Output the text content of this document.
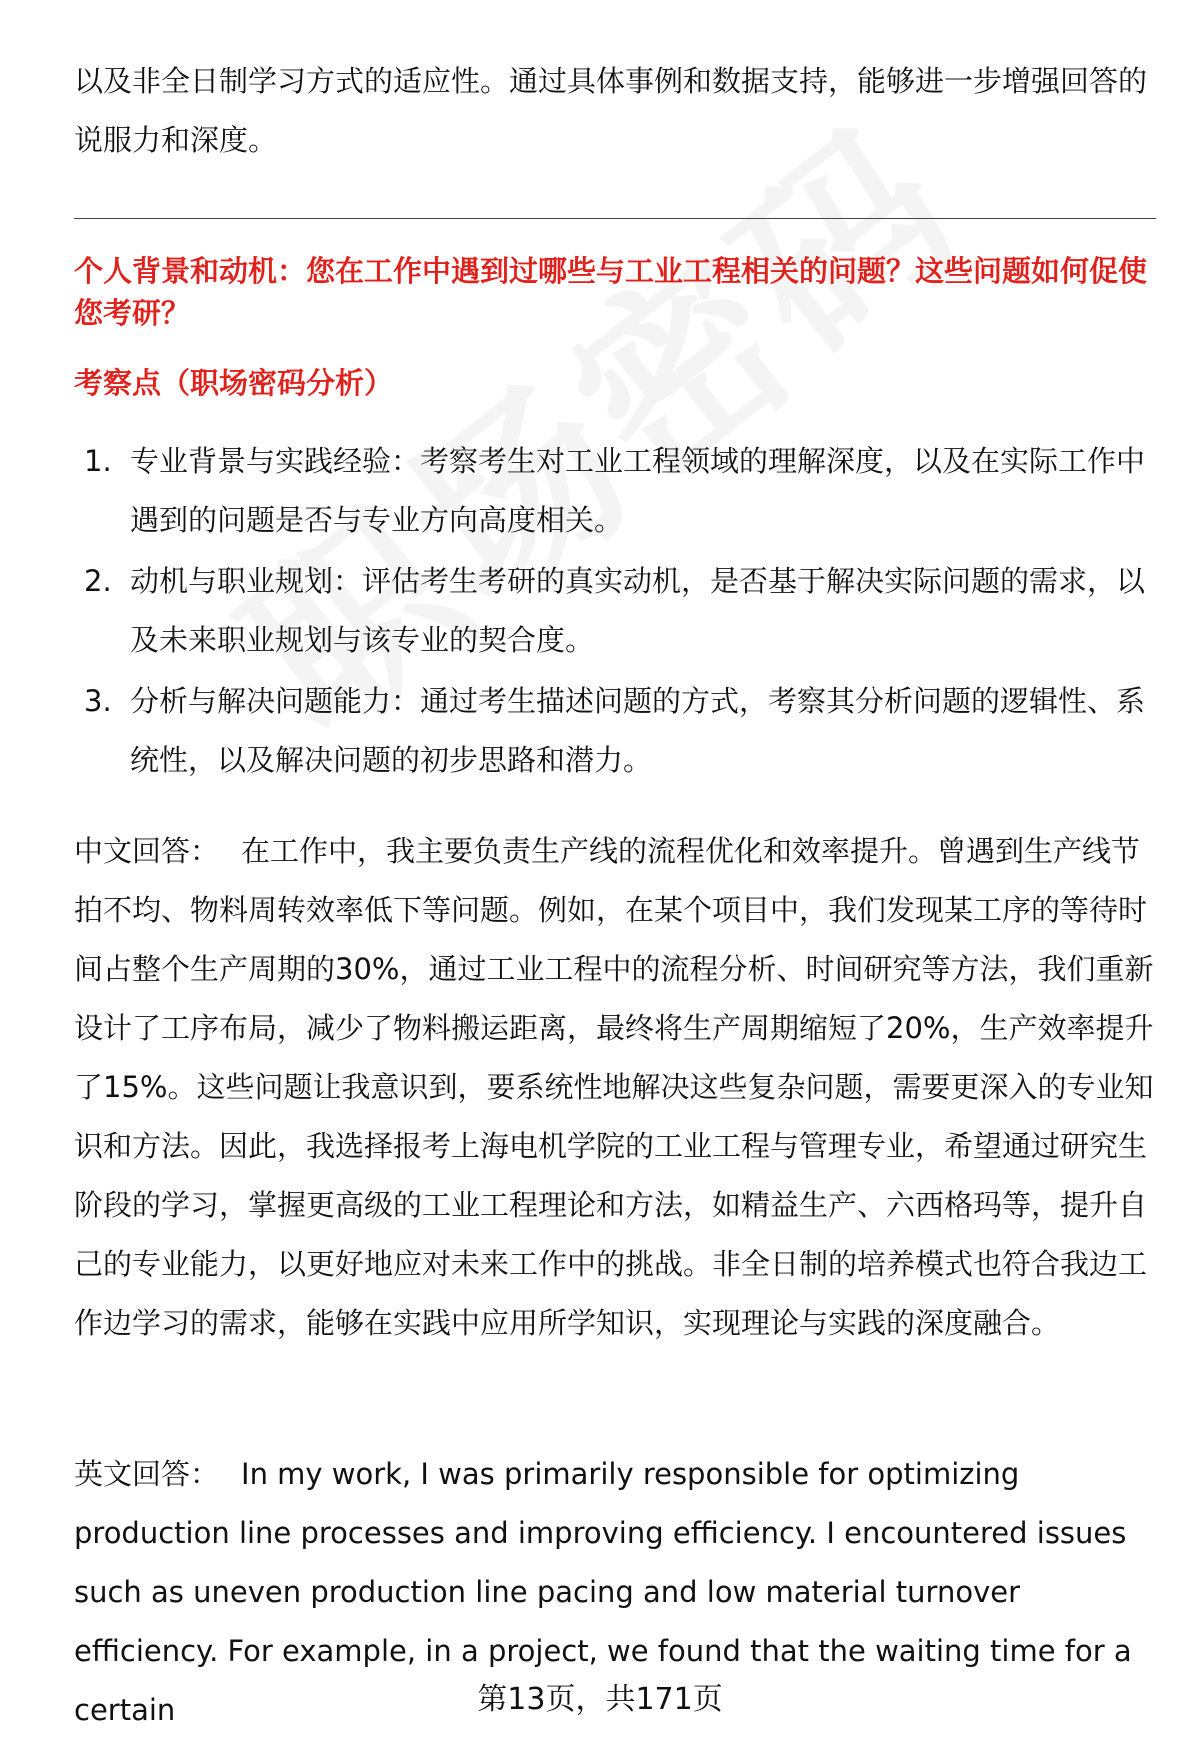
以及非全日制学习方式的适应性。通过具体事例和数据支持，能够进一步增强回答的说服力和深度。

个人背景和动机：您在工作中遇到过哪些与工业工程相关的问题？这些问题如何促使您考研？
考察点（职场密码分析）
1. 专业背景与实践经验：考察考生对工业工程领域的理解深度，以及在实际工作中遇到的问题是否与专业方向高度相关。
2. 动机与职业规划：评估考生考研的真实动机，是否基于解决实际问题的需求，以及未来职业规划与该专业的契合度。
3. 分析与解决问题能力：通过考生描述问题的方式，考察其分析问题的逻辑性、系统性，以及解决问题的初步思路和潜力。

中文回答： 在工作中，我主要负责生产线的流程优化和效率提升。曾遇到生产线节拍不均、物料周转效率低下等问题。例如，在某个项目中，我们发现某工序的等待时间占整个生产周期的30%，通过工业工程中的流程分析、时间研究等方法，我们重新设计了工序布局，减少了物料搬运距离，最终将生产周期缩短了20%，生产效率提升了15%。这些问题让我意识到，要系统性地解决这些复杂问题，需要更深入的专业知识和方法。因此，我选择报考上海电机学院的工业工程与管理专业，希望通过研究生阶段的学习，掌握更高级的工业工程理论和方法，如精益生产、六西格玛等，提升自己的专业能力，以更好地应对未来工作中的挑战。非全日制的培养模式也符合我边工作边学习的需求，能够在实践中应用所学知识，实现理论与实践的深度融合。

英文回答： In my work, I was primarily responsible for optimizing production line processes and improving efficiency. I encountered issues such as uneven production line pacing and low material turnover efficiency. For example, in a project, we found that the waiting time for a certain	第13页，共171页
